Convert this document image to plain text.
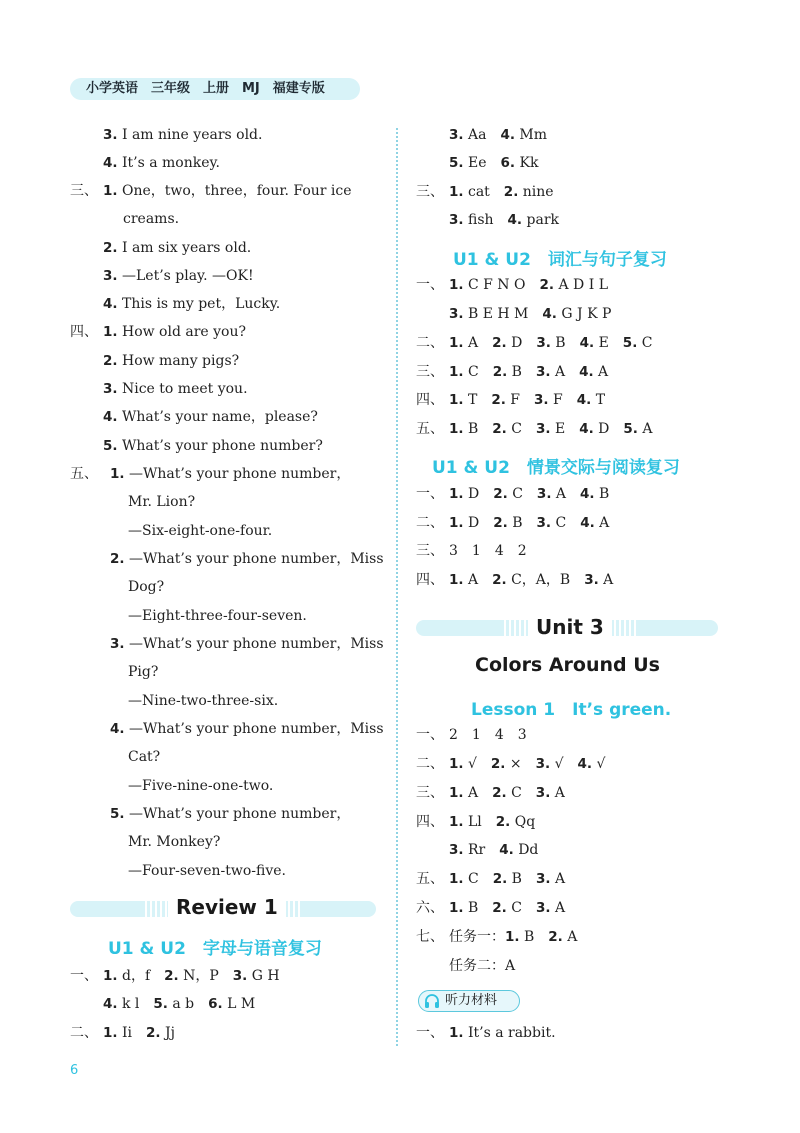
小学英语　三年级　上册　MJ　福建专版
3. I am nine years old.
4. It’s a monkey.
三、 1. One，two，three，four. Four ice
creams.
2. I am six years old.
3. —Let’s play. —OK!
4. This is my pet，Lucky.
四、 1. How old are you?
2. How many pigs?
3. Nice to meet you.
4. What’s your name，please?
5. What’s your phone number?
五、 1. —What’s your phone number，
Mr. Lion?
—Six-eight-one-four.
2. —What’s your phone number，Miss
Dog?
—Eight-three-four-seven.
3. —What’s your phone number，Miss
Pig?
—Nine-two-three-six.
4. —What’s your phone number，Miss
Cat?
—Five-nine-one-two.
5. —What’s your phone number，
Mr. Monkey?
—Four-seven-two-five.
Review 1
U1 & U2　字母与语音复习
一、 1. d，f　2. N，P　3. G H
4. k l　5. a b　6. L M
二、 1. Ii　2. Jj
3. Aa　4. Mm
5. Ee　6. Kk
三、 1. cat　2. nine
3. fish　4. park
U1 & U2　词汇与句子复习
一、 1. C F N O　2. A D I L
3. B E H M　4. G J K P
二、 1. A　2. D　3. B　4. E　5. C
三、 1. C　2. B　3. A　4. A
四、 1. T　2. F　3. F　4. T
五、 1. B　2. C　3. E　4. D　5. A
U1 & U2　情景交际与阅读复习
一、 1. D　2. C　3. A　4. B
二、 1. D　2. B　3. C　4. A
三、 3　1　4　2
四、 1. A　2. C，A，B　3. A
Unit 3
Colors Around Us
Lesson 1　It’s green.
一、 2　1　4　3
二、 1. √　2. ×　3. √　4. √
三、 1. A　2. C　3. A
四、 1. Ll　2. Qq
3. Rr　4. Dd
五、 1. C　2. B　3. A
六、 1. B　2. C　3. A
七、 任务一：1. B　2. A
任务二：A
听力材料
一、 1. It’s a rabbit.
6
